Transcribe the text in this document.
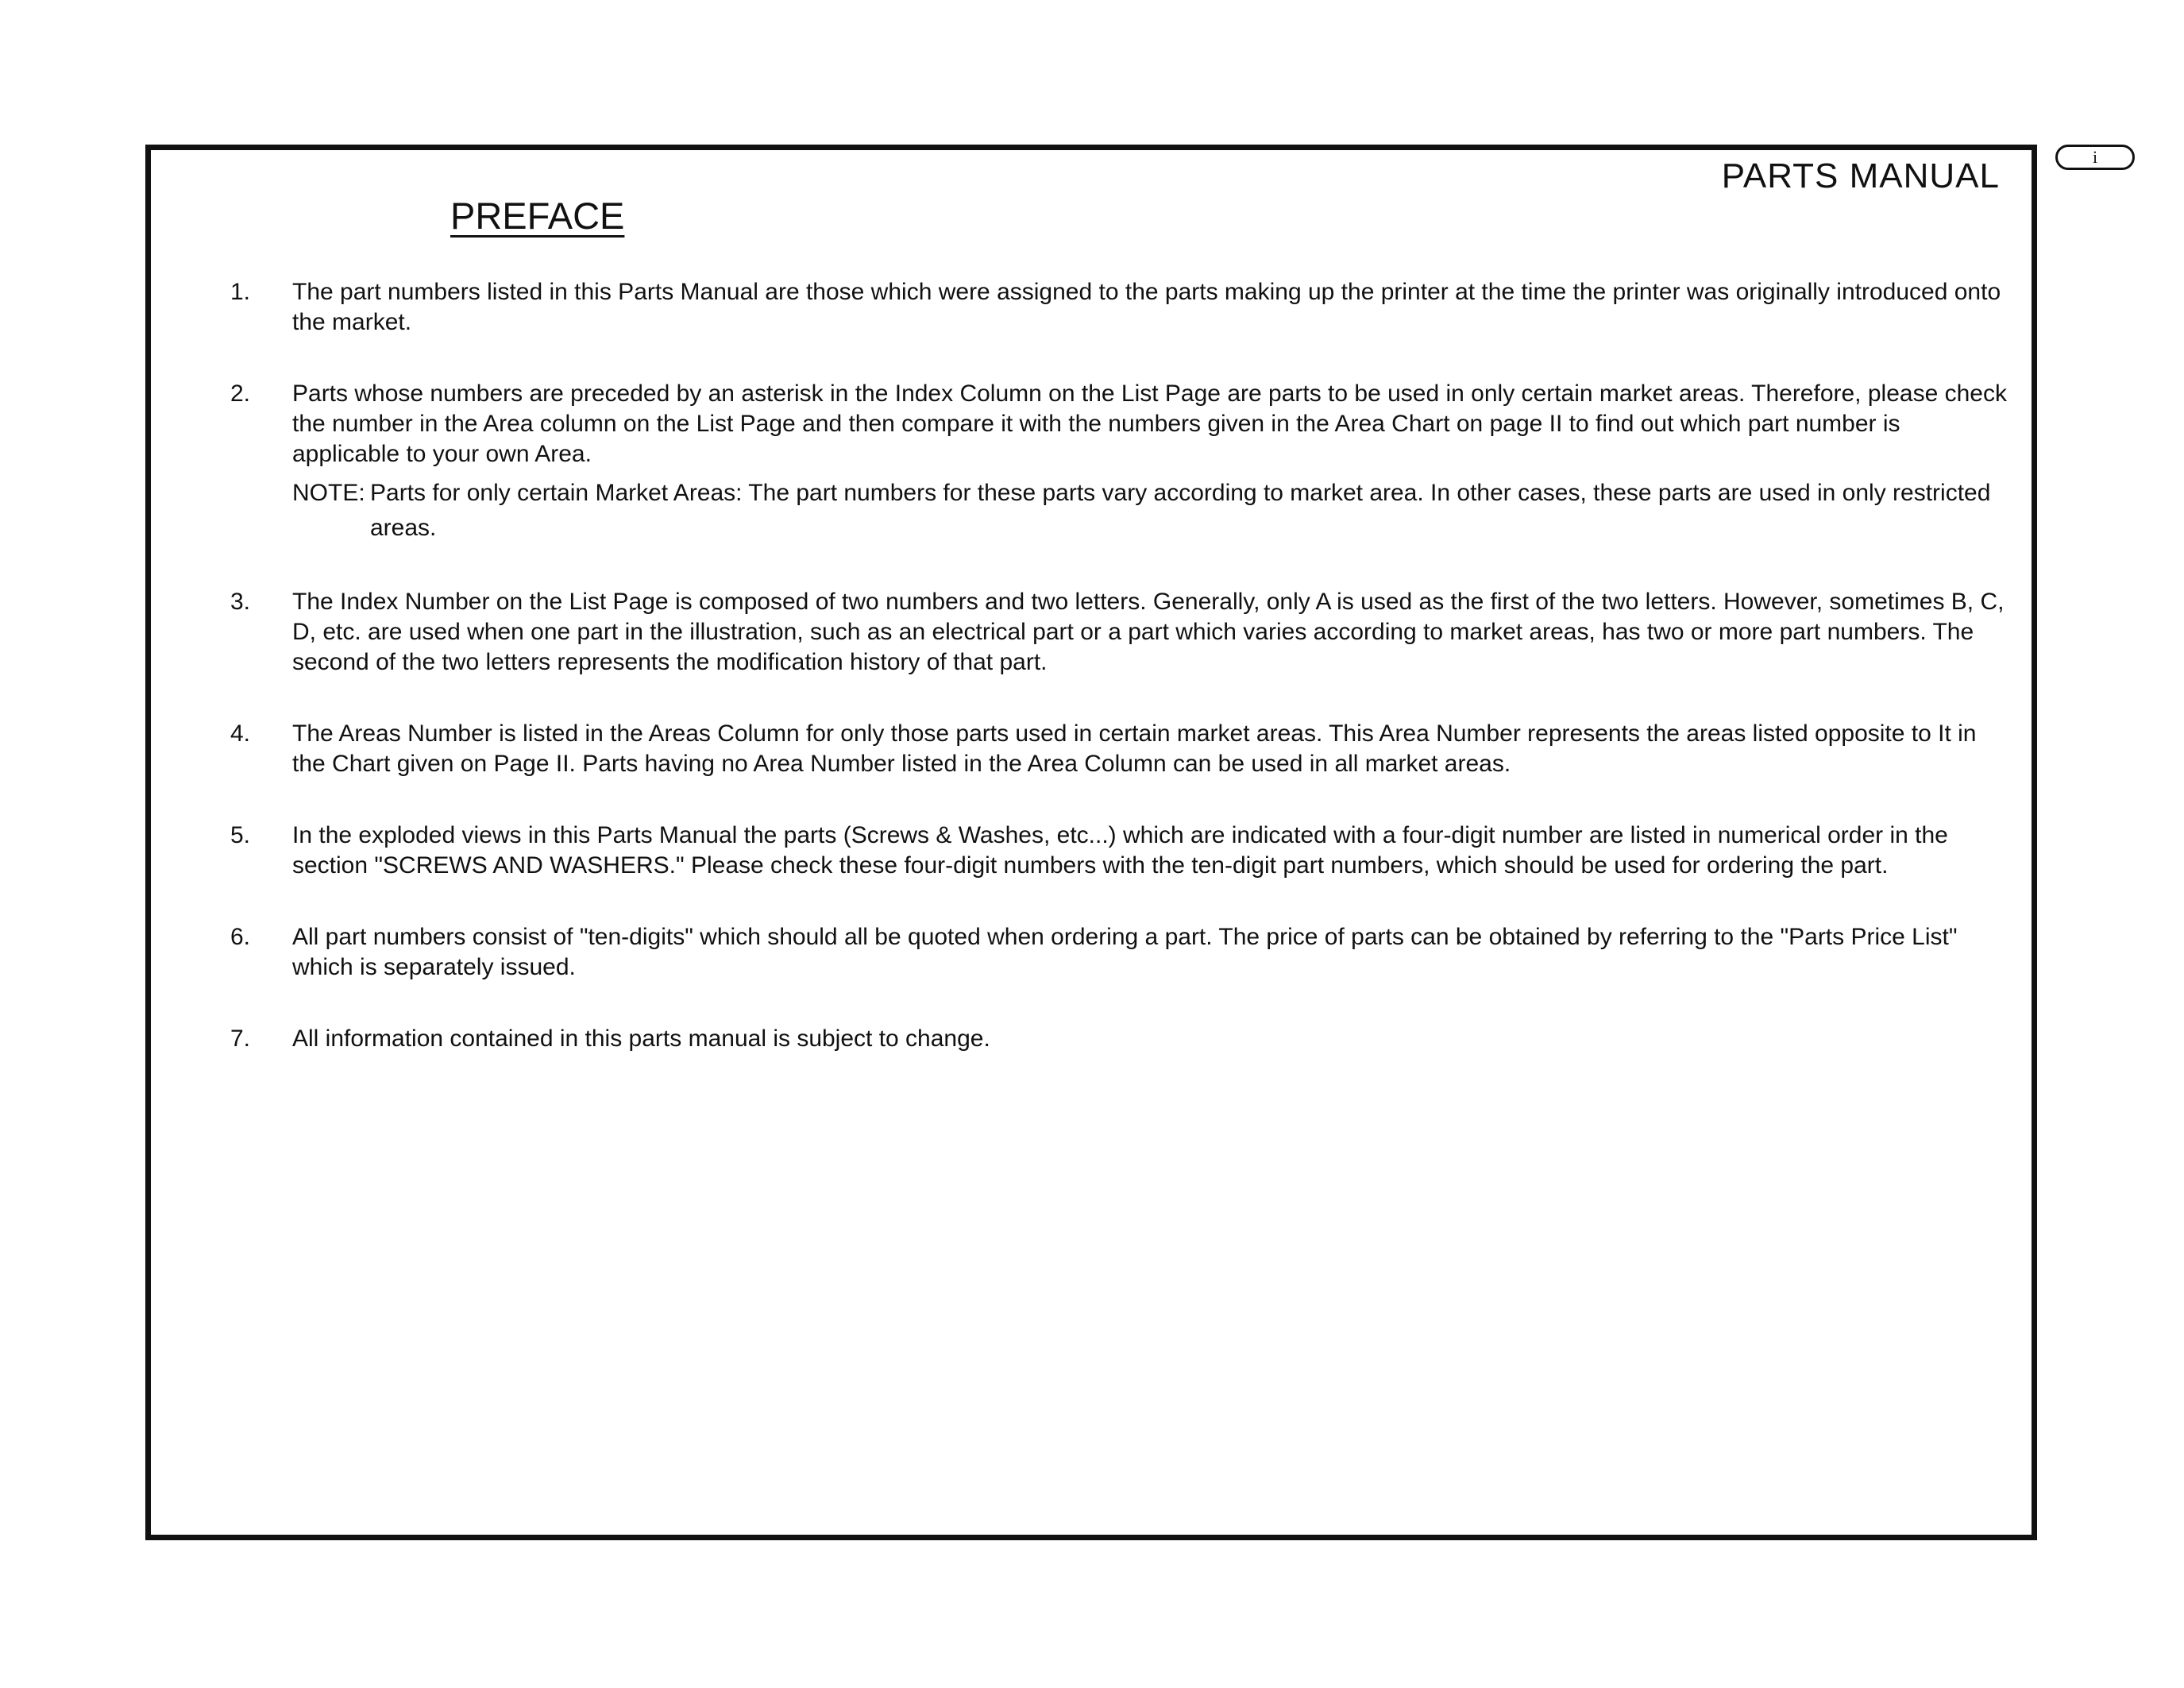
i
PARTS MANUAL
PREFACE
1.	The part numbers listed in this Parts Manual are those which were assigned to the parts making up the printer at the time the printer was originally introduced onto the market.
2.	Parts whose numbers are preceded by an asterisk in the Index Column on the List Page are parts to be used in only certain market areas. Therefore, please check the number in the Area column on the List Page and then compare it with the numbers given in the Area Chart on page II to find out which part number is applicable to your own Area.
NOTE: Parts for only certain Market Areas: The part numbers for these parts vary according to market area. In other cases, these parts are used in only restricted areas.
3.	The Index Number on the List Page is composed of two numbers and two letters. Generally, only A is used as the first of the two letters. However, sometimes B, C, D, etc. are used when one part in the illustration, such as an electrical part or a part which varies according to market areas, has two or more part numbers. The second of the two letters represents the modification history of that part.
4.	The Areas Number is listed in the Areas Column for only those parts used in certain market areas. This Area Number represents the areas listed opposite to It in the Chart given on Page II. Parts having no Area Number listed in the Area Column can be used in all market areas.
5.	In the exploded views in this Parts Manual the parts (Screws & Washes, etc...) which are indicated with a four-digit number are listed in numerical order in the section "SCREWS AND WASHERS." Please check these four-digit numbers with the ten-digit part numbers, which should be used for ordering the part.
6.	All part numbers consist of "ten-digits" which should all be quoted when ordering a part. The price of parts can be obtained by referring to the "Parts Price List" which is separately issued.
7.	All information contained in this parts manual is subject to change.
